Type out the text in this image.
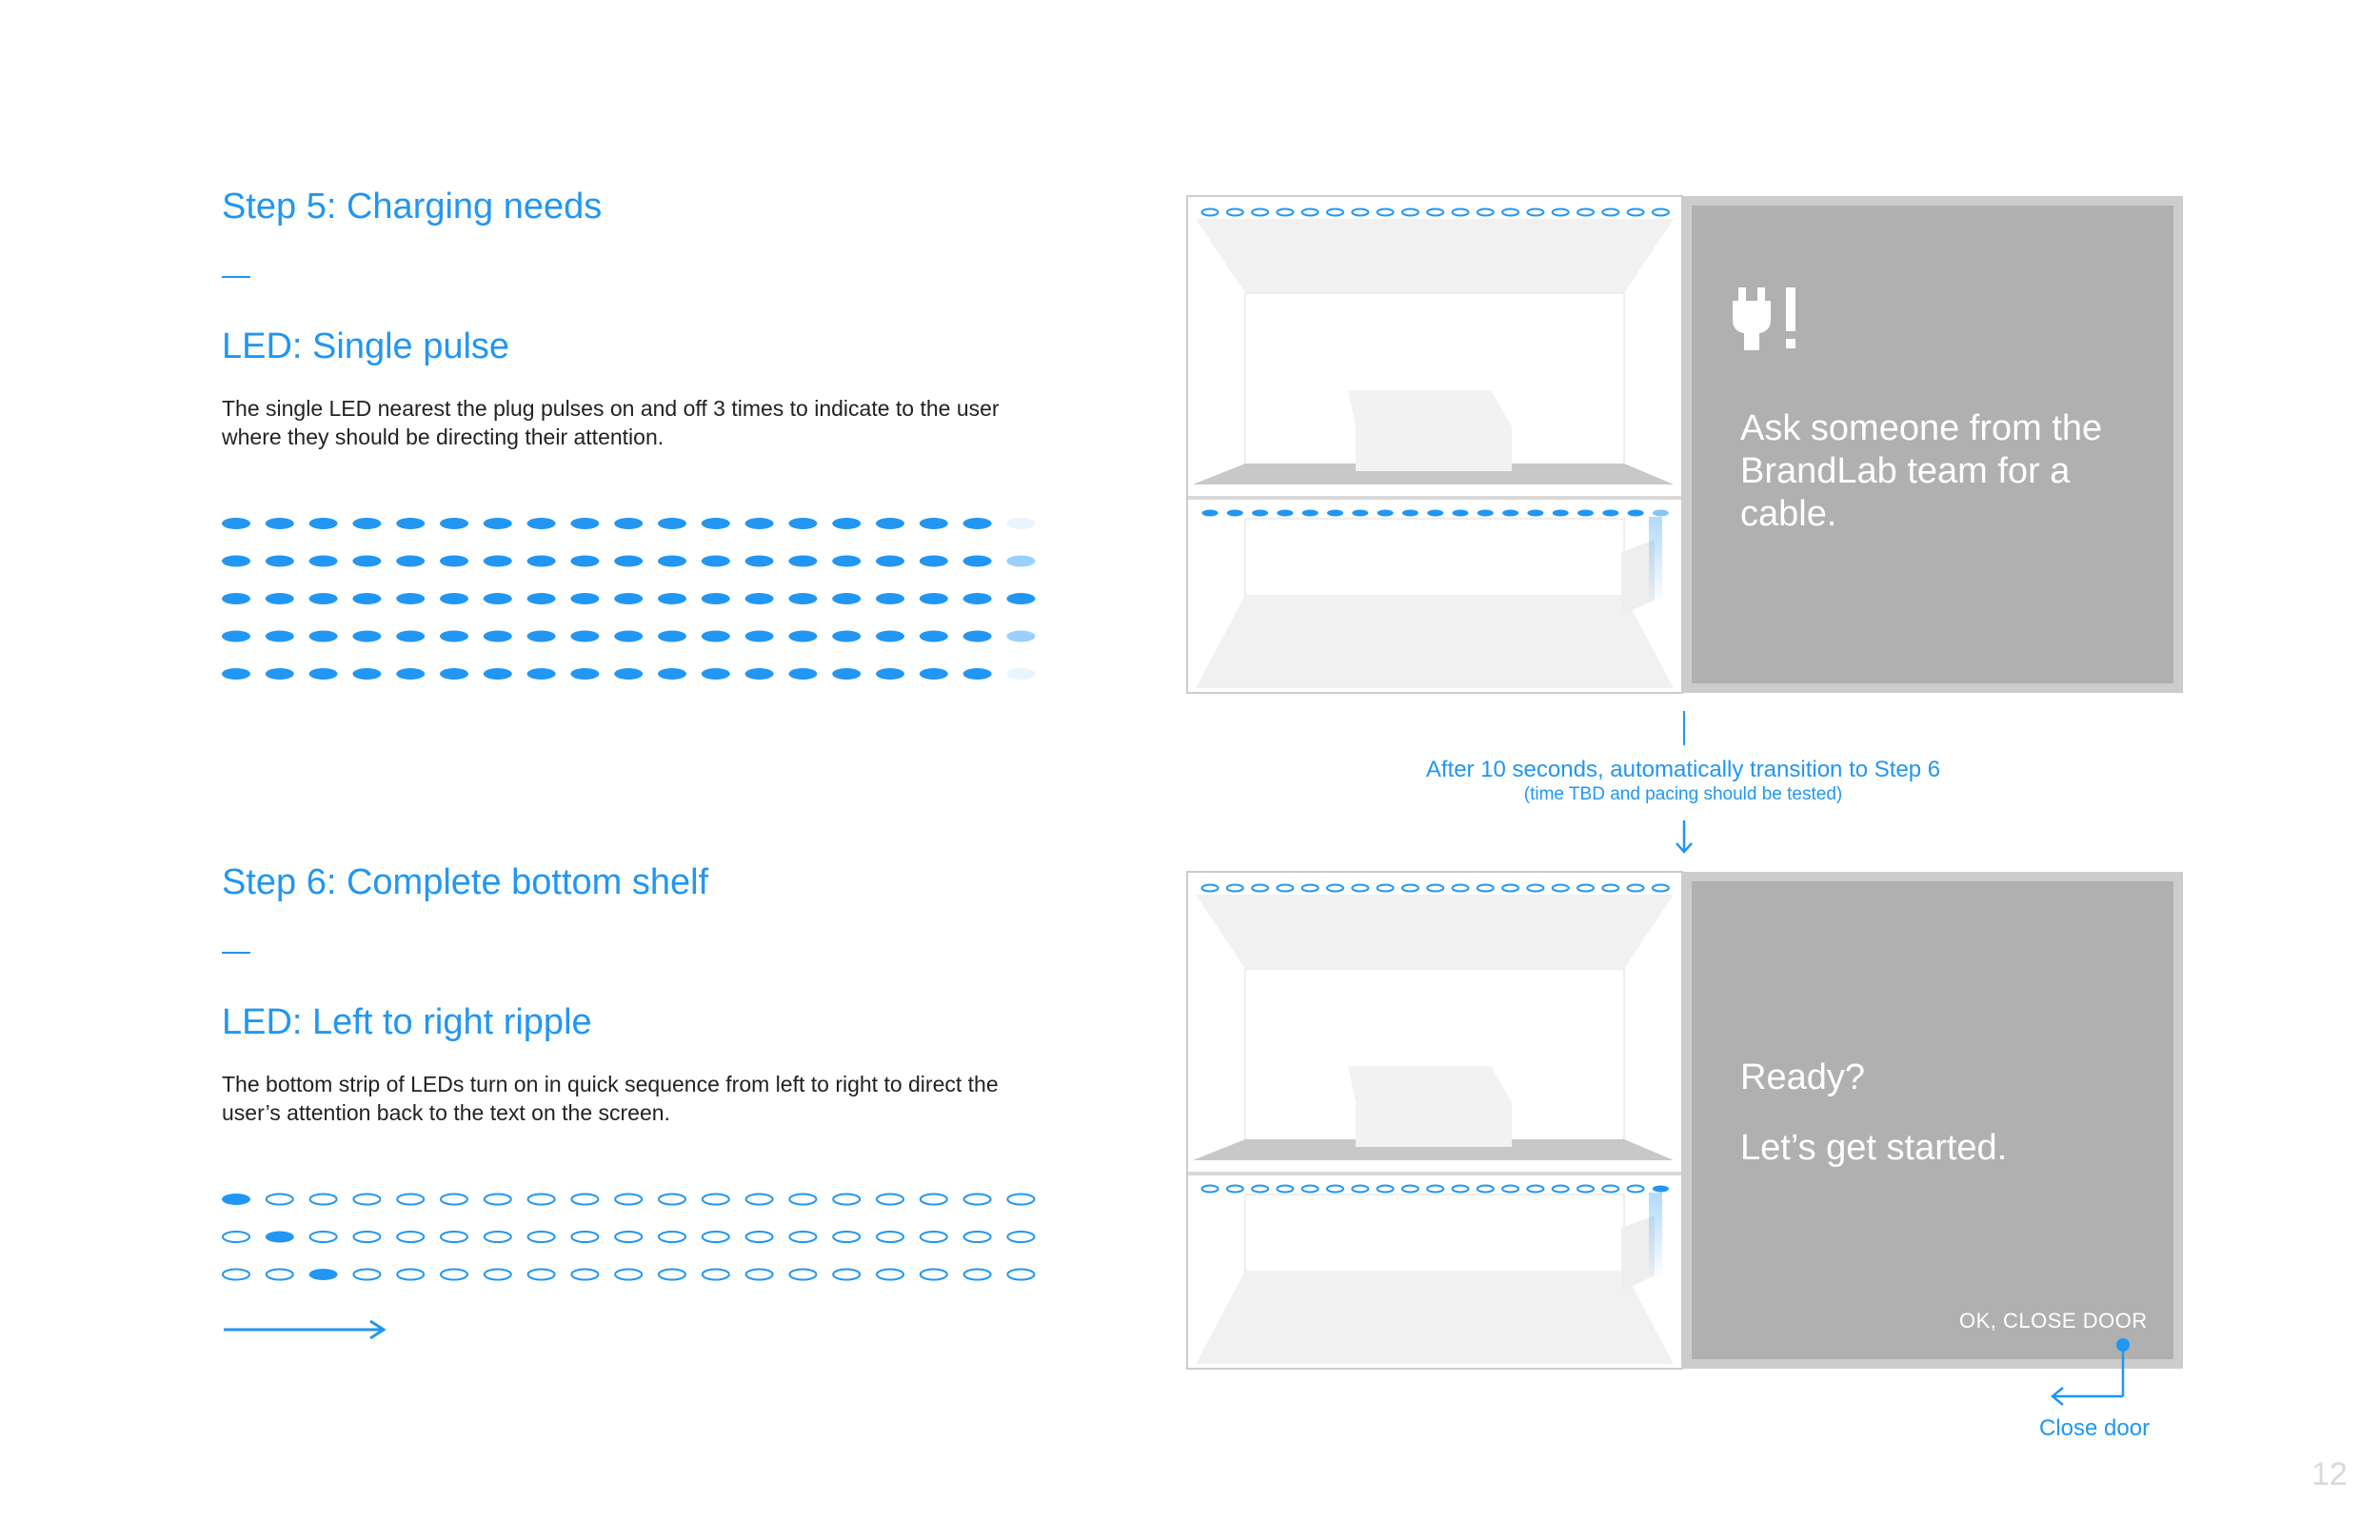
Step 5: Charging needs
LED: Single pulse
The single LED nearest the plug pulses on and off 3 times to indicate to the user where they should be directing their attention.
Step 6: Complete bottom shelf
LED: Left to right ripple
The bottom strip of LEDs turn on in quick sequence from left to right to direct the user’s attention back to the text on the screen.
Ask someone from the BrandLab team for a cable.
After 10 seconds, automatically transition to Step 6
(time TBD and pacing should be tested)
Ready?
Let’s get started.
OK, CLOSE DOOR
Close door
12
